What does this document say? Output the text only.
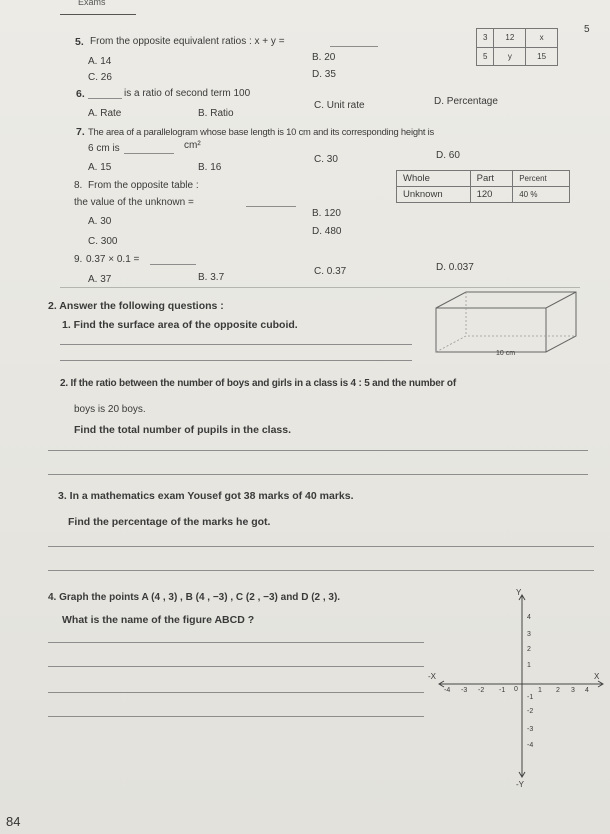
Exams
5
5. From the opposite equivalent ratios : x + y =
A. 14	B. 20
C. 26	D. 35
3	12	x
5	y	15
6.	is a ratio of second term 100
A. Rate	B. Ratio
C. Unit rate	D. Percentage
7. The area of a parallelogram whose base length is 10 cm and its corresponding height is
6 cm is	cm²
A. 15	B. 16
C. 30	D. 60
8. From the opposite table :
the value of the unknown =
A. 30
B. 120
C. 300
D. 480
Whole	Part	Percent
Unknown	120	40 %
9. 0.37 × 0.1 =
A. 37	B. 3.7
C. 0.37	D. 0.037
2. Answer the following questions :
1. Find the surface area of the opposite cuboid.
10 cm
2. If the ratio between the number of boys and girls in a class is 4 : 5 and the number of
boys is 20 boys.
Find the total number of pupils in the class.
3. In a mathematics exam Yousef got 38 marks of 40 marks.
Find the percentage of the marks he got.
4. Graph the points A (4 , 3) , B (4 , −3) , C (2 , −3) and D (2 , 3).
What is the name of the figure ABCD ?
X
-X
Y
-Y
0
-4 -3 -2 -1	1 2 3 4
1
2
3
4
-1
-2
-3
-4
84
